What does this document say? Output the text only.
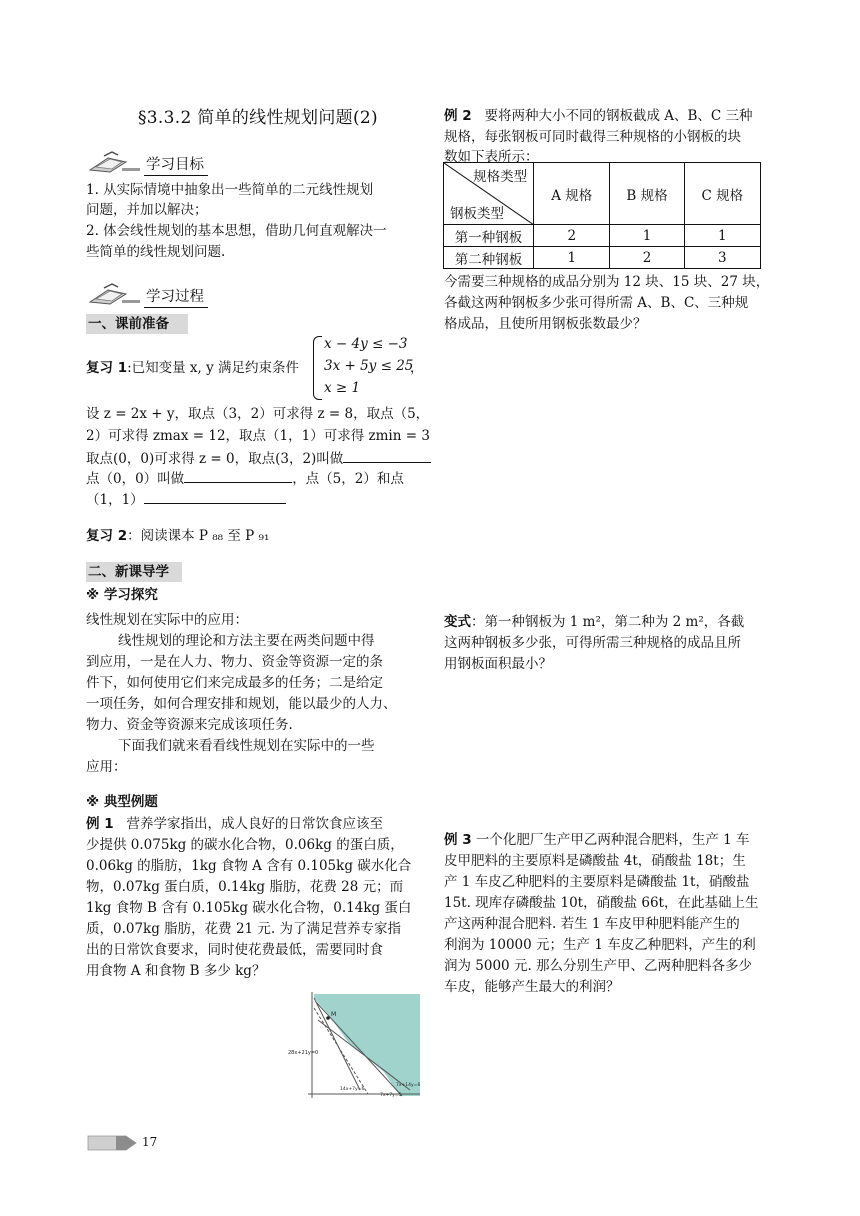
§3.3.2 简单的线性规划问题(2)
学习目标
1. 从实际情境中抽象出一些简单的二元线性规划
问题，并加以解决；
2. 体会线性规划的基本思想，借助几何直观解决一
些简单的线性规划问题.
学习过程
一、课前准备
复习 1:已知变量 x, y 满足约束条件
x − 4y ≤ −3
3x + 5y ≤ 25
x ≥ 1
，
设 z = 2x + y，取点（3，2）可求得 z = 8，取点（5，
2）可求得 zmax = 12，取点（1，1）可求得 zmin = 3
取点(0，0)可求得 z = 0，取点(3，2)叫做
点（0，0）叫做	，点（5，2）和点
（1，1）
复习 2：阅读课本 P ₈₈ 至 P ₉₁
二、新课导学
※ 学习探究
线性规划在实际中的应用：
线性规划的理论和方法主要在两类问题中得
到应用，一是在人力、物力、资金等资源一定的条
件下，如何使用它们来完成最多的任务；二是给定
一项任务，如何合理安排和规划，能以最少的人力、
物力、资金等资源来完成该项任务.
下面我们就来看看线性规划在实际中的一些
应用：
※ 典型例题
例 1 营养学家指出，成人良好的日常饮食应该至
少提供 0.075kg 的碳水化合物，0.06kg 的蛋白质，
0.06kg 的脂肪，1kg 食物 A 含有 0.105kg 碳水化合
物，0.07kg 蛋白质，0.14kg 脂肪，花费 28 元；而
1kg 食物 B 含有 0.105kg 碳水化合物，0.14kg 蛋白
质，0.07kg 脂肪，花费 21 元. 为了满足营养专家指
出的日常饮食要求，同时使花费最低，需要同时食
用食物 A 和食物 B 多少 kg？
M
28x+21y=0
14x+7y=6
7x+7y=5
7x+14y=6
17
例 2 要将两种大小不同的钢板截成 A、B、C 三种
规格，每张钢板可同时截得三种规格的小钢板的块
数如下表所示：
规格类型
钢板类型	A 规格	B 规格	C 规格
第一种钢板	2	1	1
第二种钢板	1	2	3
今需要三种规格的成品分别为 12 块、15 块、27 块，
各截这两种钢板多少张可得所需 A、B、C、三种规
格成品，且使所用钢板张数最少？
变式：第一种钢板为 1 m²，第二种为 2 m²，各截
这两种钢板多少张，可得所需三种规格的成品且所
用钢板面积最小？
例 3 一个化肥厂生产甲乙两种混合肥料，生产 1 车
皮甲肥料的主要原料是磷酸盐 4t，硝酸盐 18t；生
产 1 车皮乙种肥料的主要原料是磷酸盐 1t，硝酸盐
15t. 现库存磷酸盐 10t，硝酸盐 66t，在此基础上生
产这两种混合肥料. 若生 1 车皮甲种肥料能产生的
利润为 10000 元；生产 1 车皮乙种肥料，产生的利
润为 5000 元. 那么分别生产甲、乙两种肥料各多少
车皮，能够产生最大的利润？
